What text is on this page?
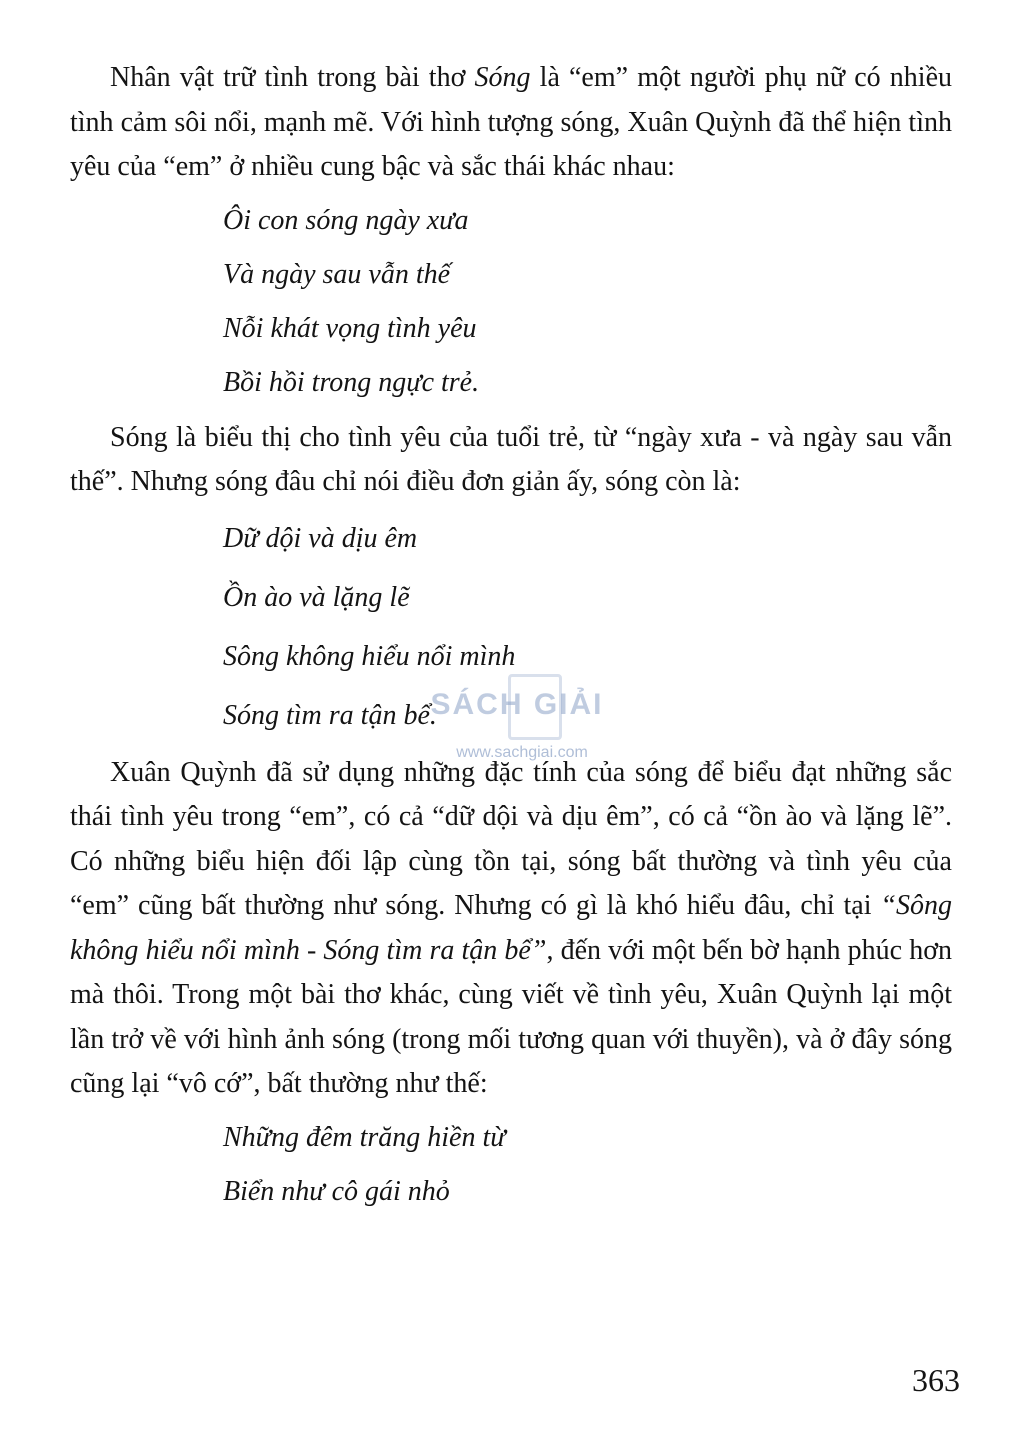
Nhân vật trữ tình trong bài thơ Sóng là “em” một người phụ nữ có nhiều tình cảm sôi nổi, mạnh mẽ. Với hình tượng sóng, Xuân Quỳnh đã thể hiện tình yêu của “em” ở nhiều cung bậc và sắc thái khác nhau:

Ôi con sóng ngày xưa
Và ngày sau vẫn thế
Nỗi khát vọng tình yêu
Bồi hồi trong ngực trẻ.

Sóng là biểu thị cho tình yêu của tuổi trẻ, từ “ngày xưa - và ngày sau vẫn thế”. Nhưng sóng đâu chỉ nói điều đơn giản ấy, sóng còn là:

Dữ dội và dịu êm
Ồn ào và lặng lẽ
Sông không hiểu nổi mình
Sóng tìm ra tận bể.

Xuân Quỳnh đã sử dụng những đặc tính của sóng để biểu đạt những sắc thái tình yêu trong “em”, có cả “dữ dội và dịu êm”, có cả “ồn ào và lặng lẽ”. Có những biểu hiện đối lập cùng tồn tại, sóng bất thường và tình yêu của “em” cũng bất thường như sóng. Nhưng có gì là khó hiểu đâu, chỉ tại “Sông không hiểu nổi mình - Sóng tìm ra tận bể”, đến với một bến bờ hạnh phúc hơn mà thôi. Trong một bài thơ khác, cùng viết về tình yêu, Xuân Quỳnh lại một lần trở về với hình ảnh sóng (trong mối tương quan với thuyền), và ở đây sóng cũng lại “vô cớ”, bất thường như thế:

Những đêm trăng hiền từ
Biển như cô gái nhỏ
SÁCH GIẢI
www.sachgiai.com
363
